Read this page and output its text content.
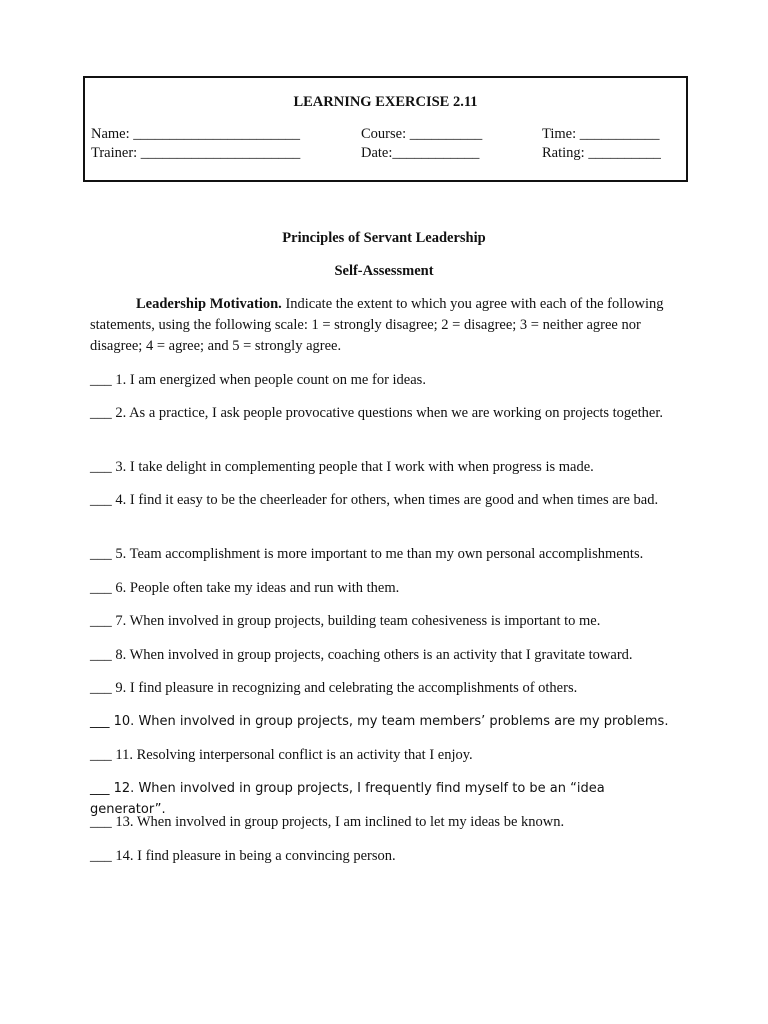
LEARNING EXERCISE 2.11
Name: _______________________	Course: __________	Time: ___________
Trainer: ______________________	Date:____________	Rating: __________
Principles of Servant Leadership
Self-Assessment
Leadership Motivation. Indicate the extent to which you agree with each of the following statements, using the following scale: 1 = strongly disagree; 2 = disagree; 3 = neither agree nor disagree; 4 = agree; and 5 = strongly agree.
___ 1. I am energized when people count on me for ideas.
___ 2. As a practice, I ask people provocative questions when we are working on projects together.
___ 3. I take delight in complementing people that I work with when progress is made.
___ 4. I find it easy to be the cheerleader for others, when times are good and when times are bad.
___ 5. Team accomplishment is more important to me than my own personal accomplishments.
___ 6. People often take my ideas and run with them.
___ 7. When involved in group projects, building team cohesiveness is important to me.
___ 8. When involved in group projects, coaching others is an activity that I gravitate toward.
___ 9. I find pleasure in recognizing and celebrating the accomplishments of others.
___ 10. When involved in group projects, my team members’ problems are my problems.
___ 11. Resolving interpersonal conflict is an activity that I enjoy.
___ 12. When involved in group projects, I frequently find myself to be an “idea generator”.
___ 13. When involved in group projects, I am inclined to let my ideas be known.
___ 14. I find pleasure in being a convincing person.
